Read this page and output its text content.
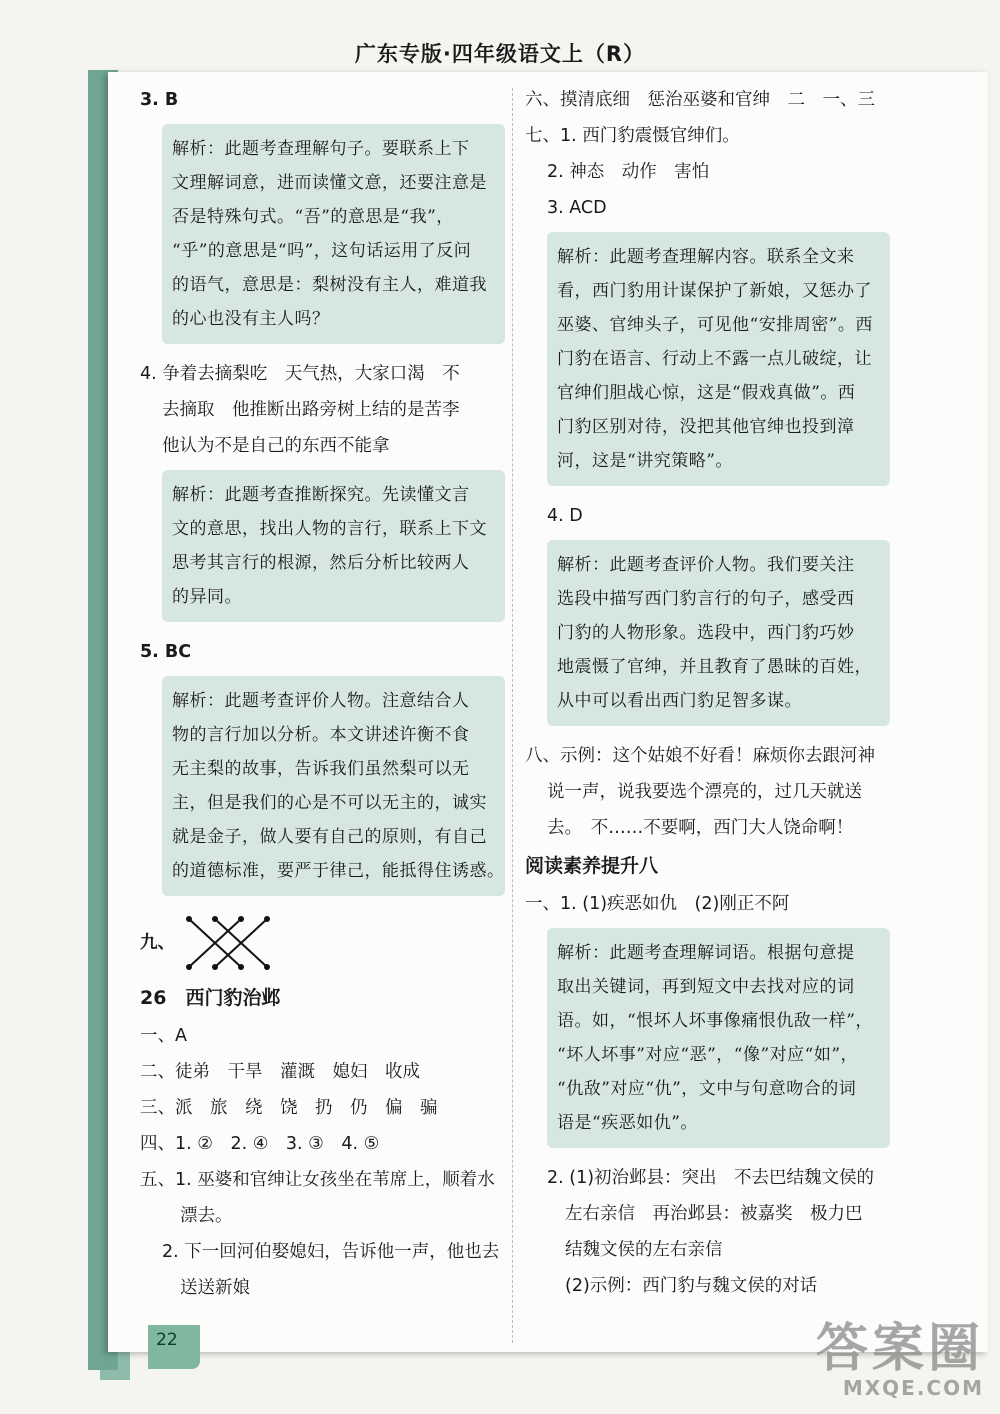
广东专版·四年级语文上（R）
3. B
解析：此题考查理解句子。要联系上下
文理解词意，进而读懂文意，还要注意是
否是特殊句式。“吾”的意思是“我”，
“乎”的意思是“吗”，这句话运用了反问
的语气，意思是：梨树没有主人，难道我
的心也没有主人吗？
4. 争着去摘梨吃　天气热，大家口渴　不
去摘取　他推断出路旁树上结的是苦李
他认为不是自己的东西不能拿
解析：此题考查推断探究。先读懂文言
文的意思，找出人物的言行，联系上下文
思考其言行的根源，然后分析比较两人
的异同。
5. BC
解析：此题考查评价人物。注意结合人
物的言行加以分析。本文讲述许衡不食
无主梨的故事，告诉我们虽然梨可以无
主，但是我们的心是不可以无主的，诚实
就是金子，做人要有自己的原则，有自己
的道德标准，要严于律己，能抵得住诱惑。
九、
26　西门豹治邺
一、A
二、徒弟　干旱　灌溉　媳妇　收成
三、派　旅　绕　饶　扔　仍　偏　骗
四、1. ②　2. ④　3. ③　4. ⑤
五、1. 巫婆和官绅让女孩坐在苇席上，顺着水
漂去。
2. 下一回河伯娶媳妇，告诉他一声，他也去
送送新娘
六、摸清底细　惩治巫婆和官绅　二　一、三
七、1. 西门豹震慑官绅们。
2. 神态　动作　害怕
3. ACD
解析：此题考查理解内容。联系全文来
看，西门豹用计谋保护了新娘，又惩办了
巫婆、官绅头子，可见他“安排周密”。西
门豹在语言、行动上不露一点儿破绽，让
官绅们胆战心惊，这是“假戏真做”。西
门豹区别对待，没把其他官绅也投到漳
河，这是“讲究策略”。
4. D
解析：此题考查评价人物。我们要关注
选段中描写西门豹言行的句子，感受西
门豹的人物形象。选段中，西门豹巧妙
地震慑了官绅，并且教育了愚昧的百姓，
从中可以看出西门豹足智多谋。
八、示例：这个姑娘不好看！麻烦你去跟河神
说一声，说我要选个漂亮的，过几天就送
去。　不……不要啊，西门大人饶命啊！
阅读素养提升八
一、1. (1)疾恶如仇　(2)刚正不阿
解析：此题考查理解词语。根据句意提
取出关键词，再到短文中去找对应的词
语。如，“恨坏人坏事像痛恨仇敌一样”，
“坏人坏事”对应“恶”，“像”对应“如”，
“仇敌”对应“仇”，文中与句意吻合的词
语是“疾恶如仇”。
2. (1)初治邺县：突出　不去巴结魏文侯的
左右亲信　再治邺县：被嘉奖　极力巴
结魏文侯的左右亲信
(2)示例：西门豹与魏文侯的对话
22	答案圈
MXQE.COM
